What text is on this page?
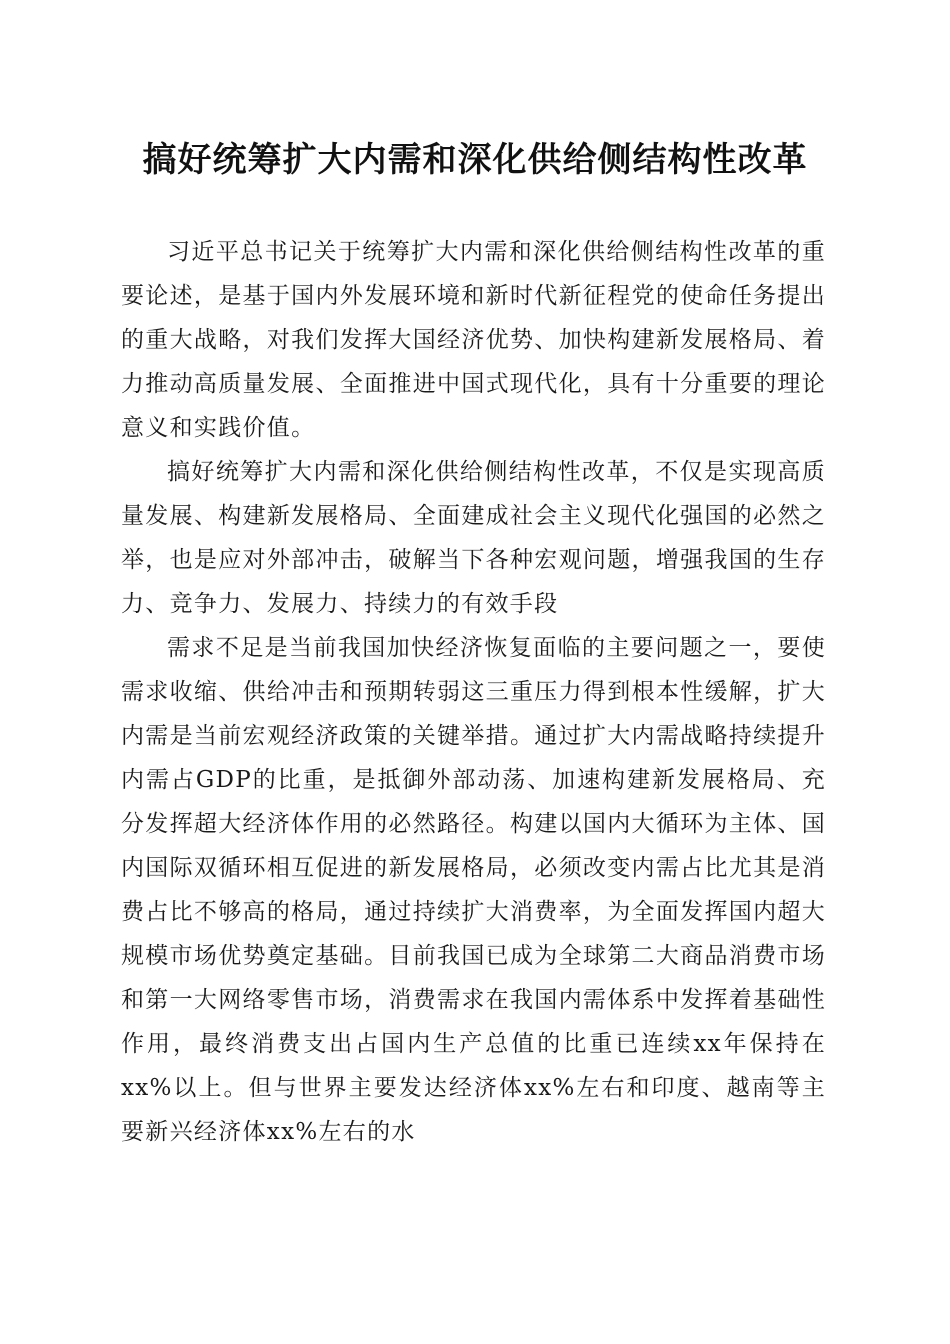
搞好统筹扩大内需和深化供给侧结构性改革

习近平总书记关于统筹扩大内需和深化供给侧结构性改革的重要论述，是基于国内外发展环境和新时代新征程党的使命任务提出的重大战略，对我们发挥大国经济优势、加快构建新发展格局、着力推动高质量发展、全面推进中国式现代化，具有十分重要的理论意义和实践价值。

搞好统筹扩大内需和深化供给侧结构性改革，不仅是实现高质量发展、构建新发展格局、全面建成社会主义现代化强国的必然之举，也是应对外部冲击，破解当下各种宏观问题，增强我国的生存力、竞争力、发展力、持续力的有效手段

需求不足是当前我国加快经济恢复面临的主要问题之一，要使需求收缩、供给冲击和预期转弱这三重压力得到根本性缓解，扩大内需是当前宏观经济政策的关键举措。通过扩大内需战略持续提升内需占GDP的比重，是抵御外部动荡、加速构建新发展格局、充分发挥超大经济体作用的必然路径。构建以国内大循环为主体、国内国际双循环相互促进的新发展格局，必须改变内需占比尤其是消费占比不够高的格局，通过持续扩大消费率，为全面发挥国内超大规模市场优势奠定基础。目前我国已成为全球第二大商品消费市场和第一大网络零售市场，消费需求在我国内需体系中发挥着基础性作用，最终消费支出占国内生产总值的比重已连续xx年保持在xx%以上。但与世界主要发达经济体xx%左右和印度、越南等主要新兴经济体xx%左右的水
